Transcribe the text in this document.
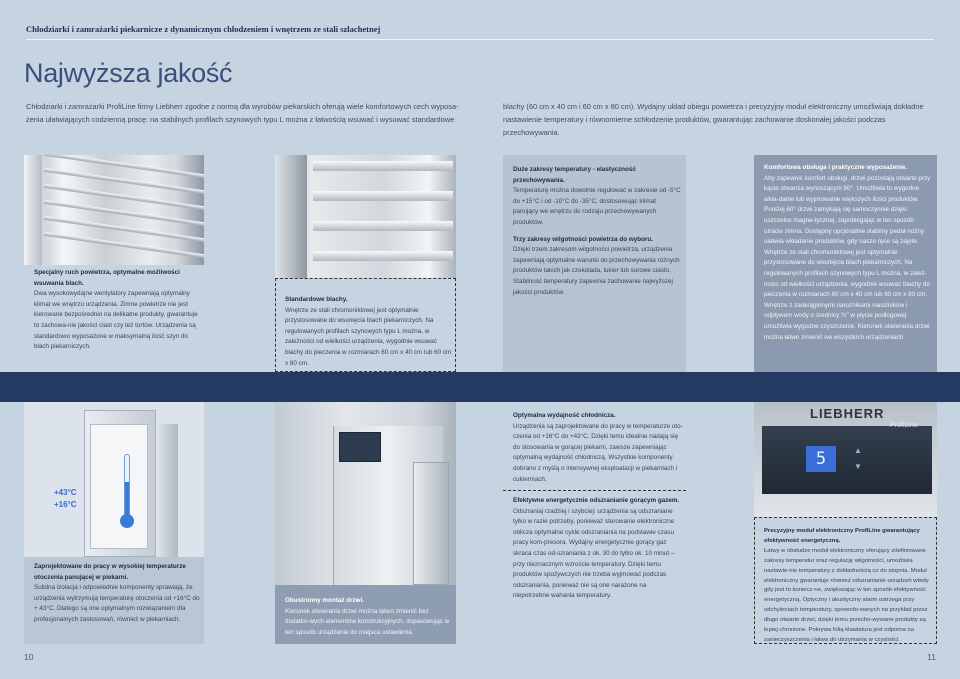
Chłodziarki i zamrażarki piekarnicze z dynamicznym chłodzeniem i wnętrzem ze stali szlachetnej
Najwyższa jakość
Chłodziarki i zamrażarki ProfiLine firmy Liebherr zgodne z normą dla wyrobów piekarskich oferują wiele komfortowych cech wyposa-żenia ułatwiających codzienną pracę: na stabilnych profilach szynowych typu L można z łatwością wsuwać i wysuwać standardowe
blachy (60 cm x 40 cm i 60 cm x 80 cm). Wydajny układ obiegu powietrza i precyzyjny moduł elektroniczny umożliwiają dokładne nastawienie temperatury i równomierne schłodzenie produktów, gwarantując zachowanie doskonałej jakości podczas przechowywania.
Specjalny ruch powietrza, optymalne możliwości wsuwania blach.
Dwa wysokowydajne wentylatory zapewniają optymalny klimat we wnętrzu urządzenia. Zimne powietrze nie jest kierowane bezpośrednio na delikatne produkty, gwarantuje to zachowa-nie jakości ciast czy też tortów. Urządzenia są standardowo wyposażone w maksymalną ilość szyn do blach piekarniczych.
Standardowe blachy.
Wnętrze ze stali chromoniklowej jest optymalnie przystosowane do wsunięcia blach piekarniczych. Na regulowanych profilach szynowych typu L można, w zależności od wielkości urządzenia, wygodnie wsuwać blachy do pieczenia w rozmiarach 60 cm x 40 cm lub 60 cm x 80 cm.
Duże zakresy temperatury - elastyczność przechowywania.
Temperaturę można dowolnie regulować w zakresie od -5°C do +15°C i od -10°C do -35°C, dostosowując klimat panujący we wnętrzu do rodzaju przechowywanych produktów.
Trzy zakresy wilgotności powietrza do wyboru.
Dzięki trzem zakresom wilgotności powietrza, urządzenia zapewniają optymalne warunki do przechowywania różnych produktów takich jak czekolada, lukier lub surowe ciasto. Stabilność temperatury zapewnia zachowanie najwyższej jakości produktów.
Komfortowa obsługa i praktyczne wyposażenie.
Aby zapewnić komfort obsługi, drzwi pozostają otwarte przy kącie otwarcia wynoszącym 90°. Umożliwia to wygodne wkła-danie lub wyjmowanie większych ilości produktów. Poniżej 60° drzwi zamykają się samoczynnie dzięki uszczelce magne-tycznej, zapobiegając w ten sposób utracie zimna. Dostępny opcjonalnie stabilny pedał nożny ułatwia wkładanie produktów, gdy nasze ręce są zajęte. Wnętrze ze stali chromoniklowej jest optymalnie przystosowane do wsunięcia blach piekarniczych. Na regulowanych profilach szynowych typu L można, w zależ-ności od wielkości urządzenia, wygodnie wsuwać blachy do pieczenia w rozmiarach 60 cm x 40 cm lub 60 cm x 80 cm. Wnętrze z zaokrąglonymi narożnikami narożników i odpływem wody o średnicy ¾'' w płycie podłogowej umożliwia wygodne czyszczenie. Kierunek otwierania drzwi można łatwo zmienić we wszystkich urządzeniach.
+43°C
+16°C
Zaprojektowane do pracy w wysokiej temperaturze otoczenia panującej w piekarni.
Solidna izolacja i odpowiednie komponenty sprawiają, że urządzenia wytrzymują temperaturę otoczenia od +16°C do + 43°C. Dlatego są one optymalnym rozwiązaniem dla profesjonalnych zastosowań, również w piekarniach.
Obustronny montaż drzwi.
Kierunek otwierania drzwi można łatwo zmienić bez dodatko-wych elementów konstrukcyjnych, dopasowując w ten sposób urządzenie do miejsca ustawienia.
Optymalna wydajność chłodnicza.
Urządzenia są zaprojektowane do pracy w temperaturze oto-czenia od +16°C do +43°C. Dzięki temu idealnie nadają się do stosowania w gorącej piekarni, zawsze zapewniając optymalną wydajność chłodniczą. Wszystkie komponenty dobrano z myślą o intensywnej eksploatacji w piekarniach i cukierniach.
Efektywne energetycznie odszranianie gorącym gazem.
Odszraniaj rzadziej i szybciej: urządzenia są odszraniane tylko w razie potrzeby, ponieważ sterowanie elektroniczne oblicza optymalne cykle odszraniania na podstawie czasu pracy kom-presora. Wydajny energetycznie gorący gaz skraca czas od-szraniania z ok. 30 do tylko ok. 10 minut – przy nieznacznym wzroście temperatury. Dzięki temu produktów spożywczych nie trzeba wyjmować podczas odszraniania, ponieważ nie są one narażone na niepotrzebne wahania temperatury.
LIEBHERR
ProfiLine
5	▲
▼
Precyzyjny moduł elektroniczny ProfiLine gwarantujący efektywność energetyczną.
Łatwy w obsłudze moduł elektroniczny oferujący zdefiniowane zakresy temperatur oraz regulację wilgotności, umożliwia nastawie-nie temperatury z dokładnością co do stopnia. Moduł elektroniczny gwarantuje również odszranianie urządzeń wtedy gdy jest to koniecz-ne, zwiększając w ten sposób efektywność energetyczną. Optyczny i akustyczny alarm ostrzega przy odchyleniach temperatury, spowodo-wanych na przykład przez długo otwarte drzwi, dzięki temu przecho-wywane produkty są lepiej chronione. Pokrywa folią klawiatura jest odporna na zanieczyszczenia i łatwa do utrzymania w czystości.
10	11
